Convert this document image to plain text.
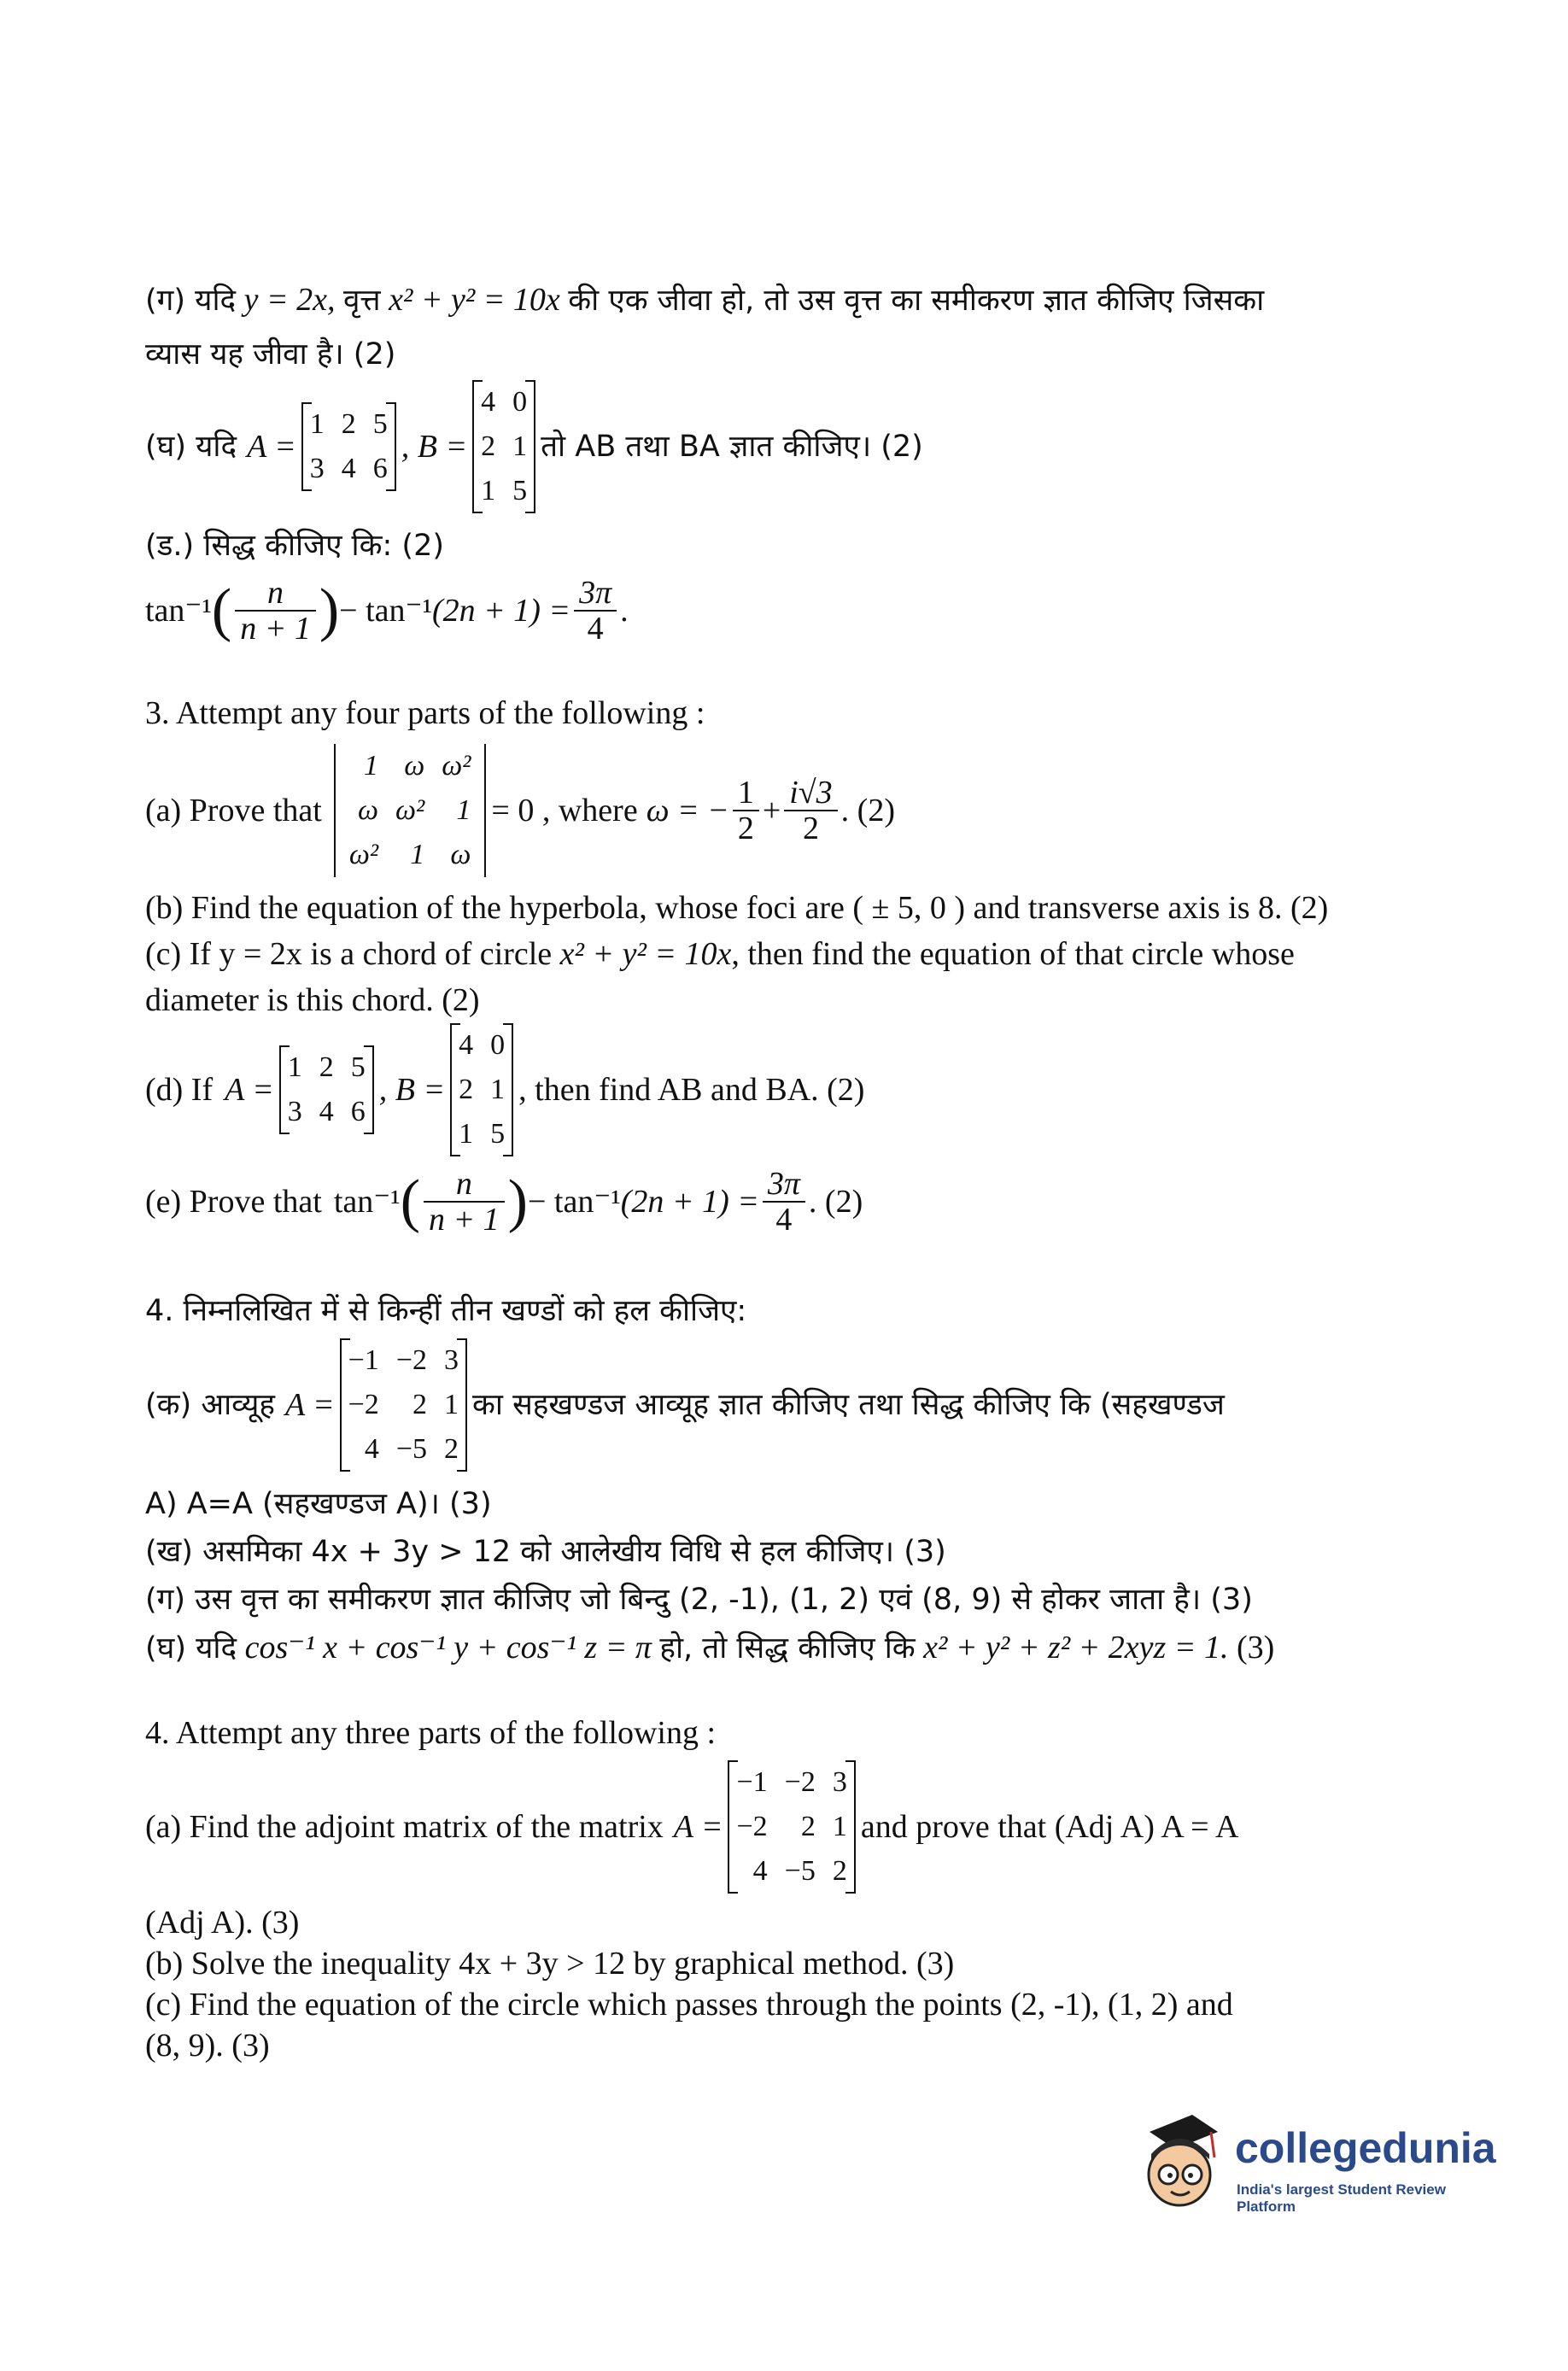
(ग) यदि y = 2x, वृत्त x² + y² = 10x की एक जीवा हो, तो उस वृत्त का समीकरण ज्ञात कीजिए जिसका
व्यास यह जीवा है। (2)
(घ) यदि A =
1	2	5
3	4	6
, B =
4	0
2	1
1	5
तो AB तथा BA ज्ञात कीजिए। (2)
(ड.) सिद्ध कीजिए कि: (2)
tan⁻¹ ( $\frac{n}{n + 1}$ ) − tan⁻¹ $(2n + 1) = \frac{3\pi}{4}$ .
3. Attempt any four parts of the following :
(a) Prove that
1	ω	ω²
ω	ω²	1
ω²	1	ω
= 0 , where ω = − $\frac{1}{2} + \frac{i√3}{2}$ . (2)
(b) Find the equation of the hyperbola, whose foci are ( ± 5, 0 ) and transverse axis is 8. (2)
(c) If y = 2x is a chord of circle x² + y² = 10x, then find the equation of that circle whose
diameter is this chord. (2)
(d) If A =
1	2	5
3	4	6
, B =
4	0
2	1
1	5
, then find AB and BA. (2)
(e) Prove that tan⁻¹ ( $\frac{n}{n + 1}$ ) − tan⁻¹ $(2n + 1) = \frac{3\pi}{4}$ . (2)
4. निम्नलिखित में से किन्हीं तीन खण्डों को हल कीजिए:
(क) आव्यूह A =
−1	−2	3
−2	2	1
4	−5	2
का सहखण्डज आव्यूह ज्ञात कीजिए तथा सिद्ध कीजिए कि (सहखण्डज
A) A=A (सहखण्डज A)। (3)
(ख) असमिका 4x + 3y > 12 को आलेखीय विधि से हल कीजिए। (3)
(ग) उस वृत्त का समीकरण ज्ञात कीजिए जो बिन्दु (2, -1), (1, 2) एवं (8, 9) से होकर जाता है। (3)
(घ) यदि cos⁻¹ x + cos⁻¹ y + cos⁻¹ z = π हो, तो सिद्ध कीजिए कि x² + y² + z² + 2xyz = 1. (3)
4. Attempt any three parts of the following :
(a) Find the adjoint matrix of the matrix A =
−1	−2	3
−2	2	1
4	−5	2
and prove that (Adj A) A = A
(Adj A). (3)
(b) Solve the inequality 4x + 3y > 12 by graphical method. (3)
(c) Find the equation of the circle which passes through the points (2, -1), (1, 2) and
(8, 9). (3)
collegedunia
India's largest Student Review Platform
